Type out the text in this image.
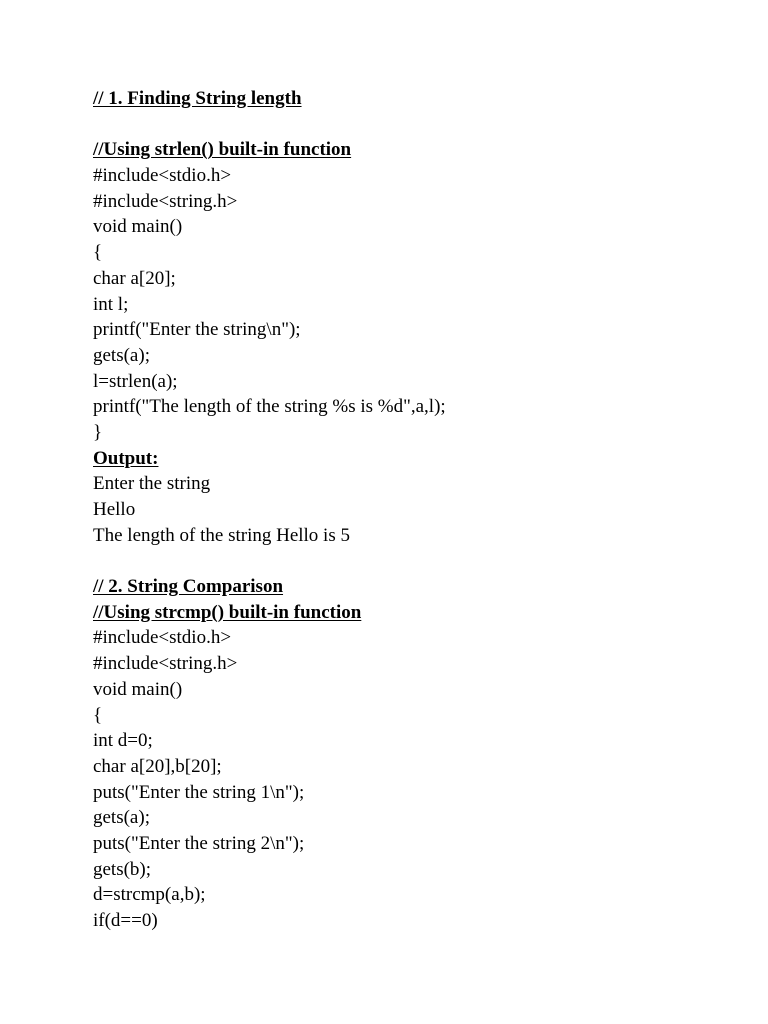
// 1. Finding String length
//Using strlen() built-in function
#include<stdio.h>
#include<string.h>
void main()
{
char a[20];
int l;
printf("Enter the string\n");
gets(a);
l=strlen(a);
printf("The length of the string %s is %d",a,l);
}
Output:
Enter the string
Hello
The length of the string Hello is 5
// 2. String Comparison
//Using strcmp() built-in function
#include<stdio.h>
#include<string.h>
void main()
{
int d=0;
char a[20],b[20];
puts("Enter the string 1\n");
gets(a);
puts("Enter the string 2\n");
gets(b);
d=strcmp(a,b);
if(d==0)
